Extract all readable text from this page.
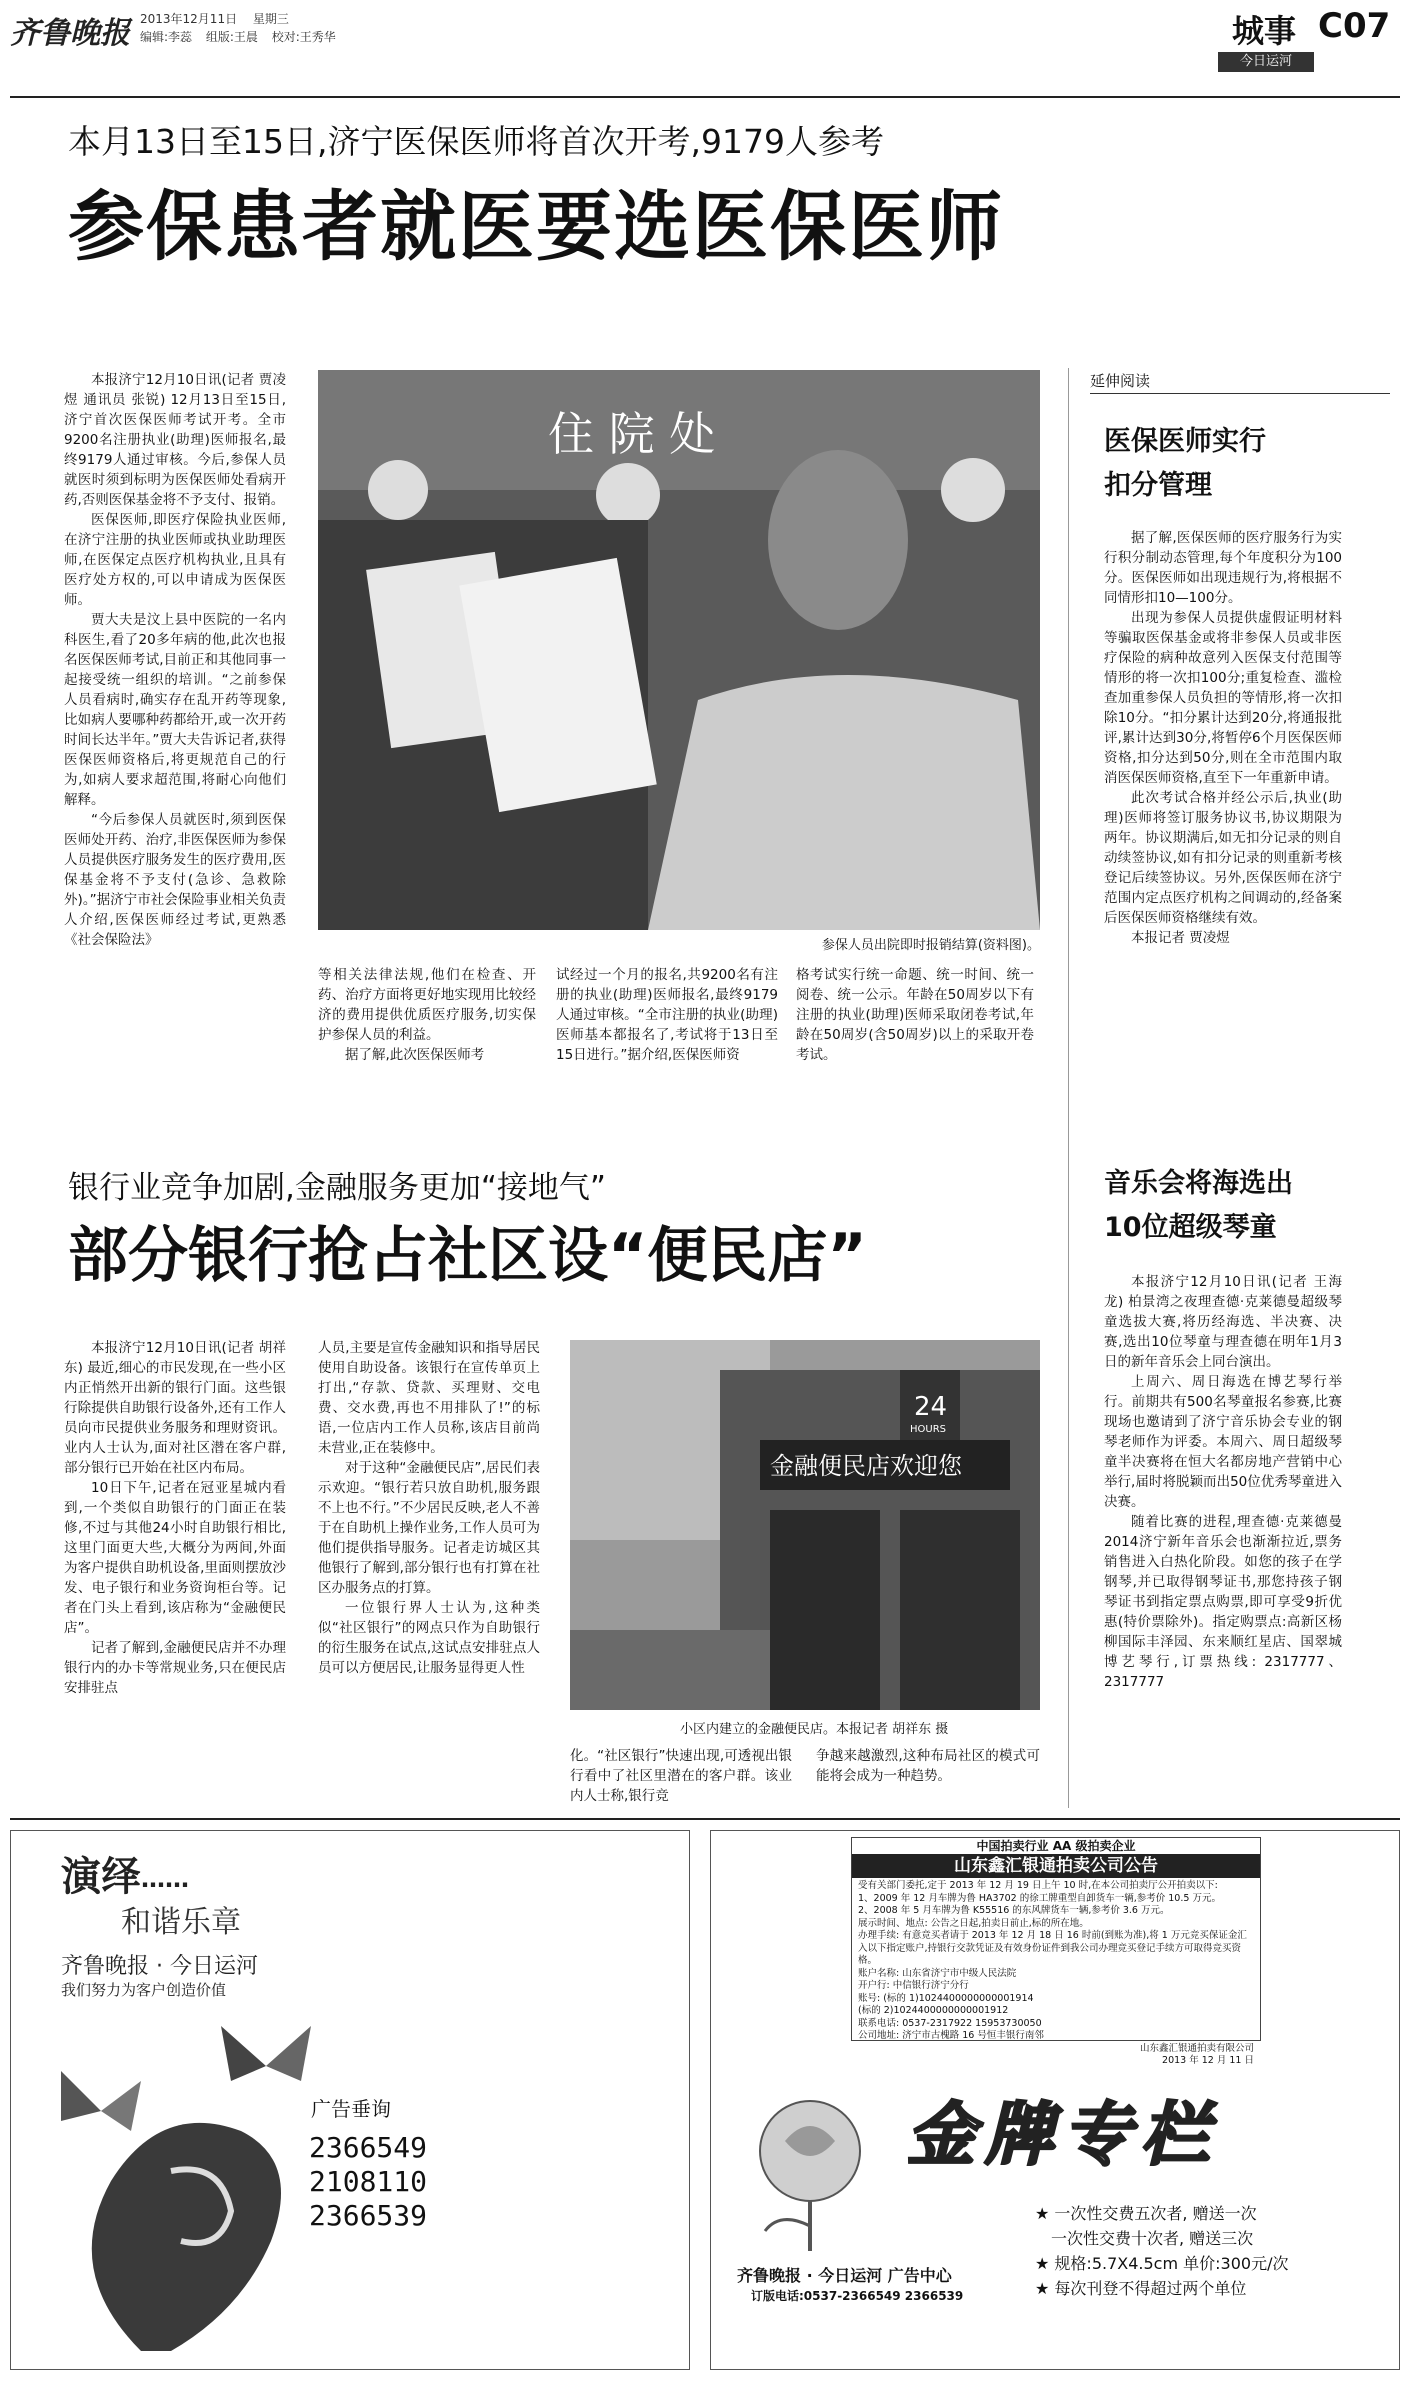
齐鲁晚报 2013年12月11日 星期三
编辑:李蕊 组版:王晨 校对:王秀华	城事 C07
今日运河
本月13日至15日,济宁医保医师将首次开考,9179人参考
参保患者就医要选医保医师

本报济宁12月10日讯(记者 贾凌煜 通讯员 张锐) 12月13日至15日,济宁首次医保医师考试开考。全市9200名注册执业(助理)医师报名,最终9179人通过审核。今后,参保人员就医时须到标明为医保医师处看病开药,否则医保基金将不予支付、报销。

医保医师,即医疗保险执业医师,在济宁注册的执业医师或执业助理医师,在医保定点医疗机构执业,且具有医疗处方权的,可以申请成为医保医师。

贾大夫是汶上县中医院的一名内科医生,看了20多年病的他,此次也报名医保医师考试,目前正和其他同事一起接受统一组织的培训。“之前参保人员看病时,确实存在乱开药等现象,比如病人要哪种药都给开,或一次开药时间长达半年。”贾大夫告诉记者,获得医保医师资格后,将更规范自己的行为,如病人要求超范围,将耐心向他们解释。

“今后参保人员就医时,须到医保医师处开药、治疗,非医保医师为参保人员提供医疗服务发生的医疗费用,医保基金将不予支付(急诊、急救除外)。”据济宁市社会保险事业相关负责人介绍,医保医师经过考试,更熟悉《社会保险法》

住 院 处
参保人员出院即时报销结算(资料图)。

等相关法律法规,他们在检查、开药、治疗方面将更好地实现用比较经济的费用提供优质医疗服务,切实保护参保人员的利益。

据了解,此次医保医师考

试经过一个月的报名,共9200名有注册的执业(助理)医师报名,最终9179人通过审核。“全市注册的执业(助理)医师基本都报名了,考试将于13日至15日进行。”据介绍,医保医师资

格考试实行统一命题、统一时间、统一阅卷、统一公示。年龄在50周岁以下有注册的执业(助理)医师采取闭卷考试,年龄在50周岁(含50周岁)以上的采取开卷考试。

延伸阅读
医保医师实行
扣分管理

据了解,医保医师的医疗服务行为实行积分制动态管理,每个年度积分为100分。医保医师如出现违规行为,将根据不同情形扣10—100分。

出现为参保人员提供虚假证明材料等骗取医保基金或将非参保人员或非医疗保险的病种故意列入医保支付范围等情形的将一次扣100分;重复检查、滥检查加重参保人员负担的等情形,将一次扣除10分。“扣分累计达到20分,将通报批评,累计达到30分,将暂停6个月医保医师资格,扣分达到50分,则在全市范围内取消医保医师资格,直至下一年重新申请。

此次考试合格并经公示后,执业(助理)医师将签订服务协议书,协议期限为两年。协议期满后,如无扣分记录的则自动续签协议,如有扣分记录的则重新考核登记后续签协议。另外,医保医师在济宁范围内定点医疗机构之间调动的,经备案后医保医师资格继续有效。

本报记者 贾凌煜

银行业竞争加剧,金融服务更加“接地气”
部分银行抢占社区设“便民店”

本报济宁12月10日讯(记者 胡祥东) 最近,细心的市民发现,在一些小区内正悄然开出新的银行门面。这些银行除提供自助银行设备外,还有工作人员向市民提供业务服务和理财资讯。业内人士认为,面对社区潜在客户群,部分银行已开始在社区内布局。

10日下午,记者在冠亚星城内看到,一个类似自助银行的门面正在装修,不过与其他24小时自助银行相比,这里门面更大些,大概分为两间,外面为客户提供自助机设备,里面则摆放沙发、电子银行和业务资询柜台等。记者在门头上看到,该店称为“金融便民店”。

记者了解到,金融便民店并不办理银行内的办卡等常规业务,只在便民店安排驻点

人员,主要是宣传金融知识和指导居民使用自助设备。该银行在宣传单页上打出,“存款、贷款、买理财、交电费、交水费,再也不用排队了!”的标语,一位店内工作人员称,该店目前尚未营业,正在装修中。

对于这种“金融便民店”,居民们表示欢迎。“银行若只放自助机,服务跟不上也不行。”不少居民反映,老人不善于在自助机上操作业务,工作人员可为他们提供指导服务。记者走访城区其他银行了解到,部分银行也有打算在社区办服务点的打算。

一位银行界人士认为,这种类似“社区银行”的网点只作为自助银行的衍生服务在试点,这试点安排驻点人员可以方便居民,让服务显得更人性

24
HOURS
金融便民店欢迎您
小区内建立的金融便民店。本报记者 胡祥东 摄

化。“社区银行”快速出现,可透视出银行看中了社区里潜在的客户群。该业内人士称,银行竞

争越来越激烈,这种布局社区的模式可能将会成为一种趋势。

音乐会将海选出
10位超级琴童

本报济宁12月10日讯(记者 王海龙) 柏景湾之夜理查德·克莱德曼超级琴童选拔大赛,将历经海选、半决赛、决赛,选出10位琴童与理查德在明年1月3日的新年音乐会上同台演出。

上周六、周日海选在博艺琴行举行。前期共有500名琴童报名参赛,比赛现场也邀请到了济宁音乐协会专业的钢琴老师作为评委。本周六、周日超级琴童半决赛将在恒大名都房地产营销中心举行,届时将脱颖而出50位优秀琴童进入决赛。

随着比赛的进程,理查德·克莱德曼2014济宁新年音乐会也渐渐拉近,票务销售进入白热化阶段。如您的孩子在学钢琴,并已取得钢琴证书,那您持孩子钢琴证书到指定票点购票,即可享受9折优惠(特价票除外)。指定购票点:高新区杨柳国际丰泽园、东来顺红星店、国翠城博艺琴行,订票热线: 2317777、2317777

演绎……
和谐乐章
齐鲁晚报 · 今日运河
我们努力为客户创造价值
广告垂询
2366549
2108110
2366539
中国拍卖行业 AA 级拍卖企业
山东鑫汇银通拍卖公司公告

受有关部门委托,定于 2013 年 12 月 19 日上午 10 时,在本公司拍卖厅公开拍卖以下:

1、2009 年 12 月车牌为鲁 HA3702 的徐工牌重型自卸货车一辆,参考价 10.5 万元。

2、2008 年 5 月车牌为鲁 K55516 的东风牌货车一辆,参考价 3.6 万元。

展示时间、地点: 公告之日起,拍卖日前止,标的所在地。

办理手续: 有意竞买者请于 2013 年 12 月 18 日 16 时前(到账为准),将 1 万元竞买保证金汇入以下指定账户,持银行交款凭证及有效身份证件到我公司办理竞买登记手续方可取得竞买资格。

账户名称: 山东省济宁市中级人民法院

开户行: 中信银行济宁分行

账号: (标的 1)1024400000000001914

(标的 2)1024400000000001912

联系电话: 0537-2317922 15953730050

公司地址: 济宁市古槐路 16 号恒丰银行南邻

山东鑫汇银通拍卖有限公司

2013 年 12 月 11 日

金牌专栏
★ 一次性交费五次者, 赠送一次
一次性交费十次者, 赠送三次
★ 规格:5.7X4.5cm 单价:300元/次
★ 每次刊登不得超过两个单位
齐鲁晚报 · 今日运河 广告中心
订版电话:0537-2366549 2366539
